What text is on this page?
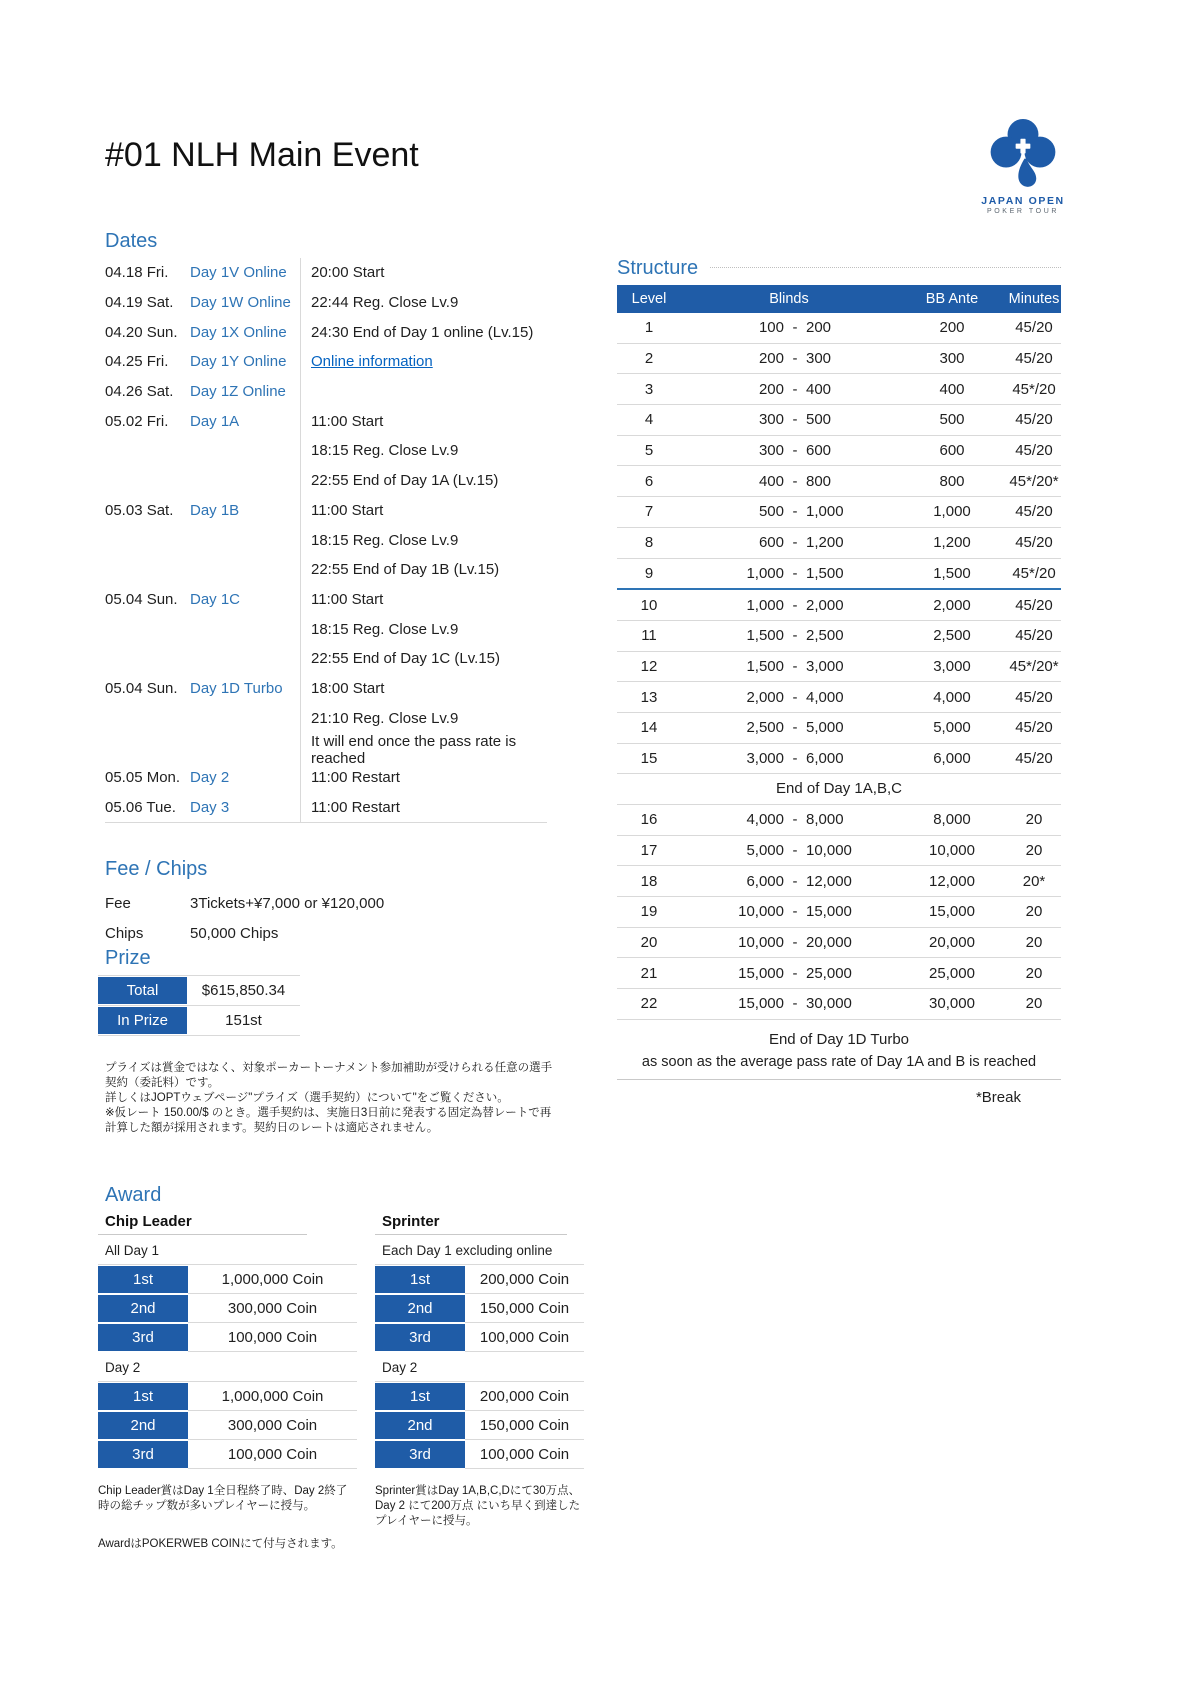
#01 NLH Main Event
JAPAN OPEN
POKER TOUR
Dates
04.18 Fri.	Day 1V Online	20:00 Start
04.19 Sat.	Day 1W Online	22:44 Reg. Close Lv.9
04.20 Sun. Day 1X Online	24:30 End of Day 1 online (Lv.15)
04.25 Fri.	Day 1Y Online	Online information
04.26 Sat.	Day 1Z Online
05.02 Fri.	Day 1A	11:00 Start
18:15 Reg. Close Lv.9
22:55 End of Day 1A (Lv.15)
05.03 Sat.	Day 1B	11:00 Start
18:15 Reg. Close Lv.9
22:55 End of Day 1B (Lv.15)
05.04 Sun. Day 1C	11:00 Start
18:15 Reg. Close Lv.9
22:55 End of Day 1C (Lv.15)
05.04 Sun. Day 1D Turbo	18:00 Start
21:10 Reg. Close Lv.9
It will end once the pass rate is reached
05.05 Mon. Day 2	11:00 Restart
05.06 Tue. Day 3	11:00 Restart
Structure
Level	Blinds	BB Ante	Minutes
1	100 - 200	200	45/20
2	200 - 300	300	45/20
3	200 - 400	400	45*/20
4	300 - 500	500	45/20
5	300 - 600	600	45/20
6	400 - 800	800	45*/20*
7	500 - 1,000	1,000	45/20
8	600 - 1,200	1,200	45/20
9	1,000 - 1,500	1,500	45*/20
10	1,000 - 2,000	2,000	45/20
11	1,500 - 2,500	2,500	45/20
12	1,500 - 3,000	3,000	45*/20*
13	2,000 - 4,000	4,000	45/20
14	2,500 - 5,000	5,000	45/20
15	3,000 - 6,000	6,000	45/20
End of Day 1A,B,C
16	4,000 - 8,000	8,000	20
17	5,000 - 10,000	10,000	20
18	6,000 - 12,000	12,000	20*
19	10,000 - 15,000	15,000	20
20	10,000 - 20,000	20,000	20
21	15,000 - 25,000	25,000	20
22	15,000 - 30,000	30,000	20
End of Day 1D Turbo
as soon as the average pass rate of Day 1A and B is reached
*Break
Fee / Chips
Fee	3Tickets+¥7,000 or ¥120,000
Chips	50,000 Chips
Prize
Total	$615,850.34
In Prize	151st
プライズは賞金ではなく、対象ポーカートーナメント参加補助が受けられる任意の選手契約（委託料）です。
詳しくはJOPTウェブページ"プライズ（選手契約）について"をご覧ください。
※仮レート 150.00/$ のとき。選手契約は、実施日3日前に発表する固定為替レートで再計算した額が採用されます。契約日のレートは適応されません。
Award
Chip Leader
All Day 1
1st	1,000,000 Coin
2nd	300,000 Coin
3rd	100,000 Coin
Day 2
1st	1,000,000 Coin
2nd	300,000 Coin
3rd	100,000 Coin
Chip Leader賞はDay 1全日程終了時、Day 2終了時の総チップ数が多いプレイヤーに授与。
AwardはPOKERWEB COINにて付与されます。
Sprinter
Each Day 1 excluding online
1st	200,000 Coin
2nd	150,000 Coin
3rd	100,000 Coin
Day 2
1st	200,000 Coin
2nd	150,000 Coin
3rd	100,000 Coin
Sprinter賞はDay 1A,B,C,Dにて30万点、Day 2 にて200万点 にいち早く到達したプレイヤーに授与。
